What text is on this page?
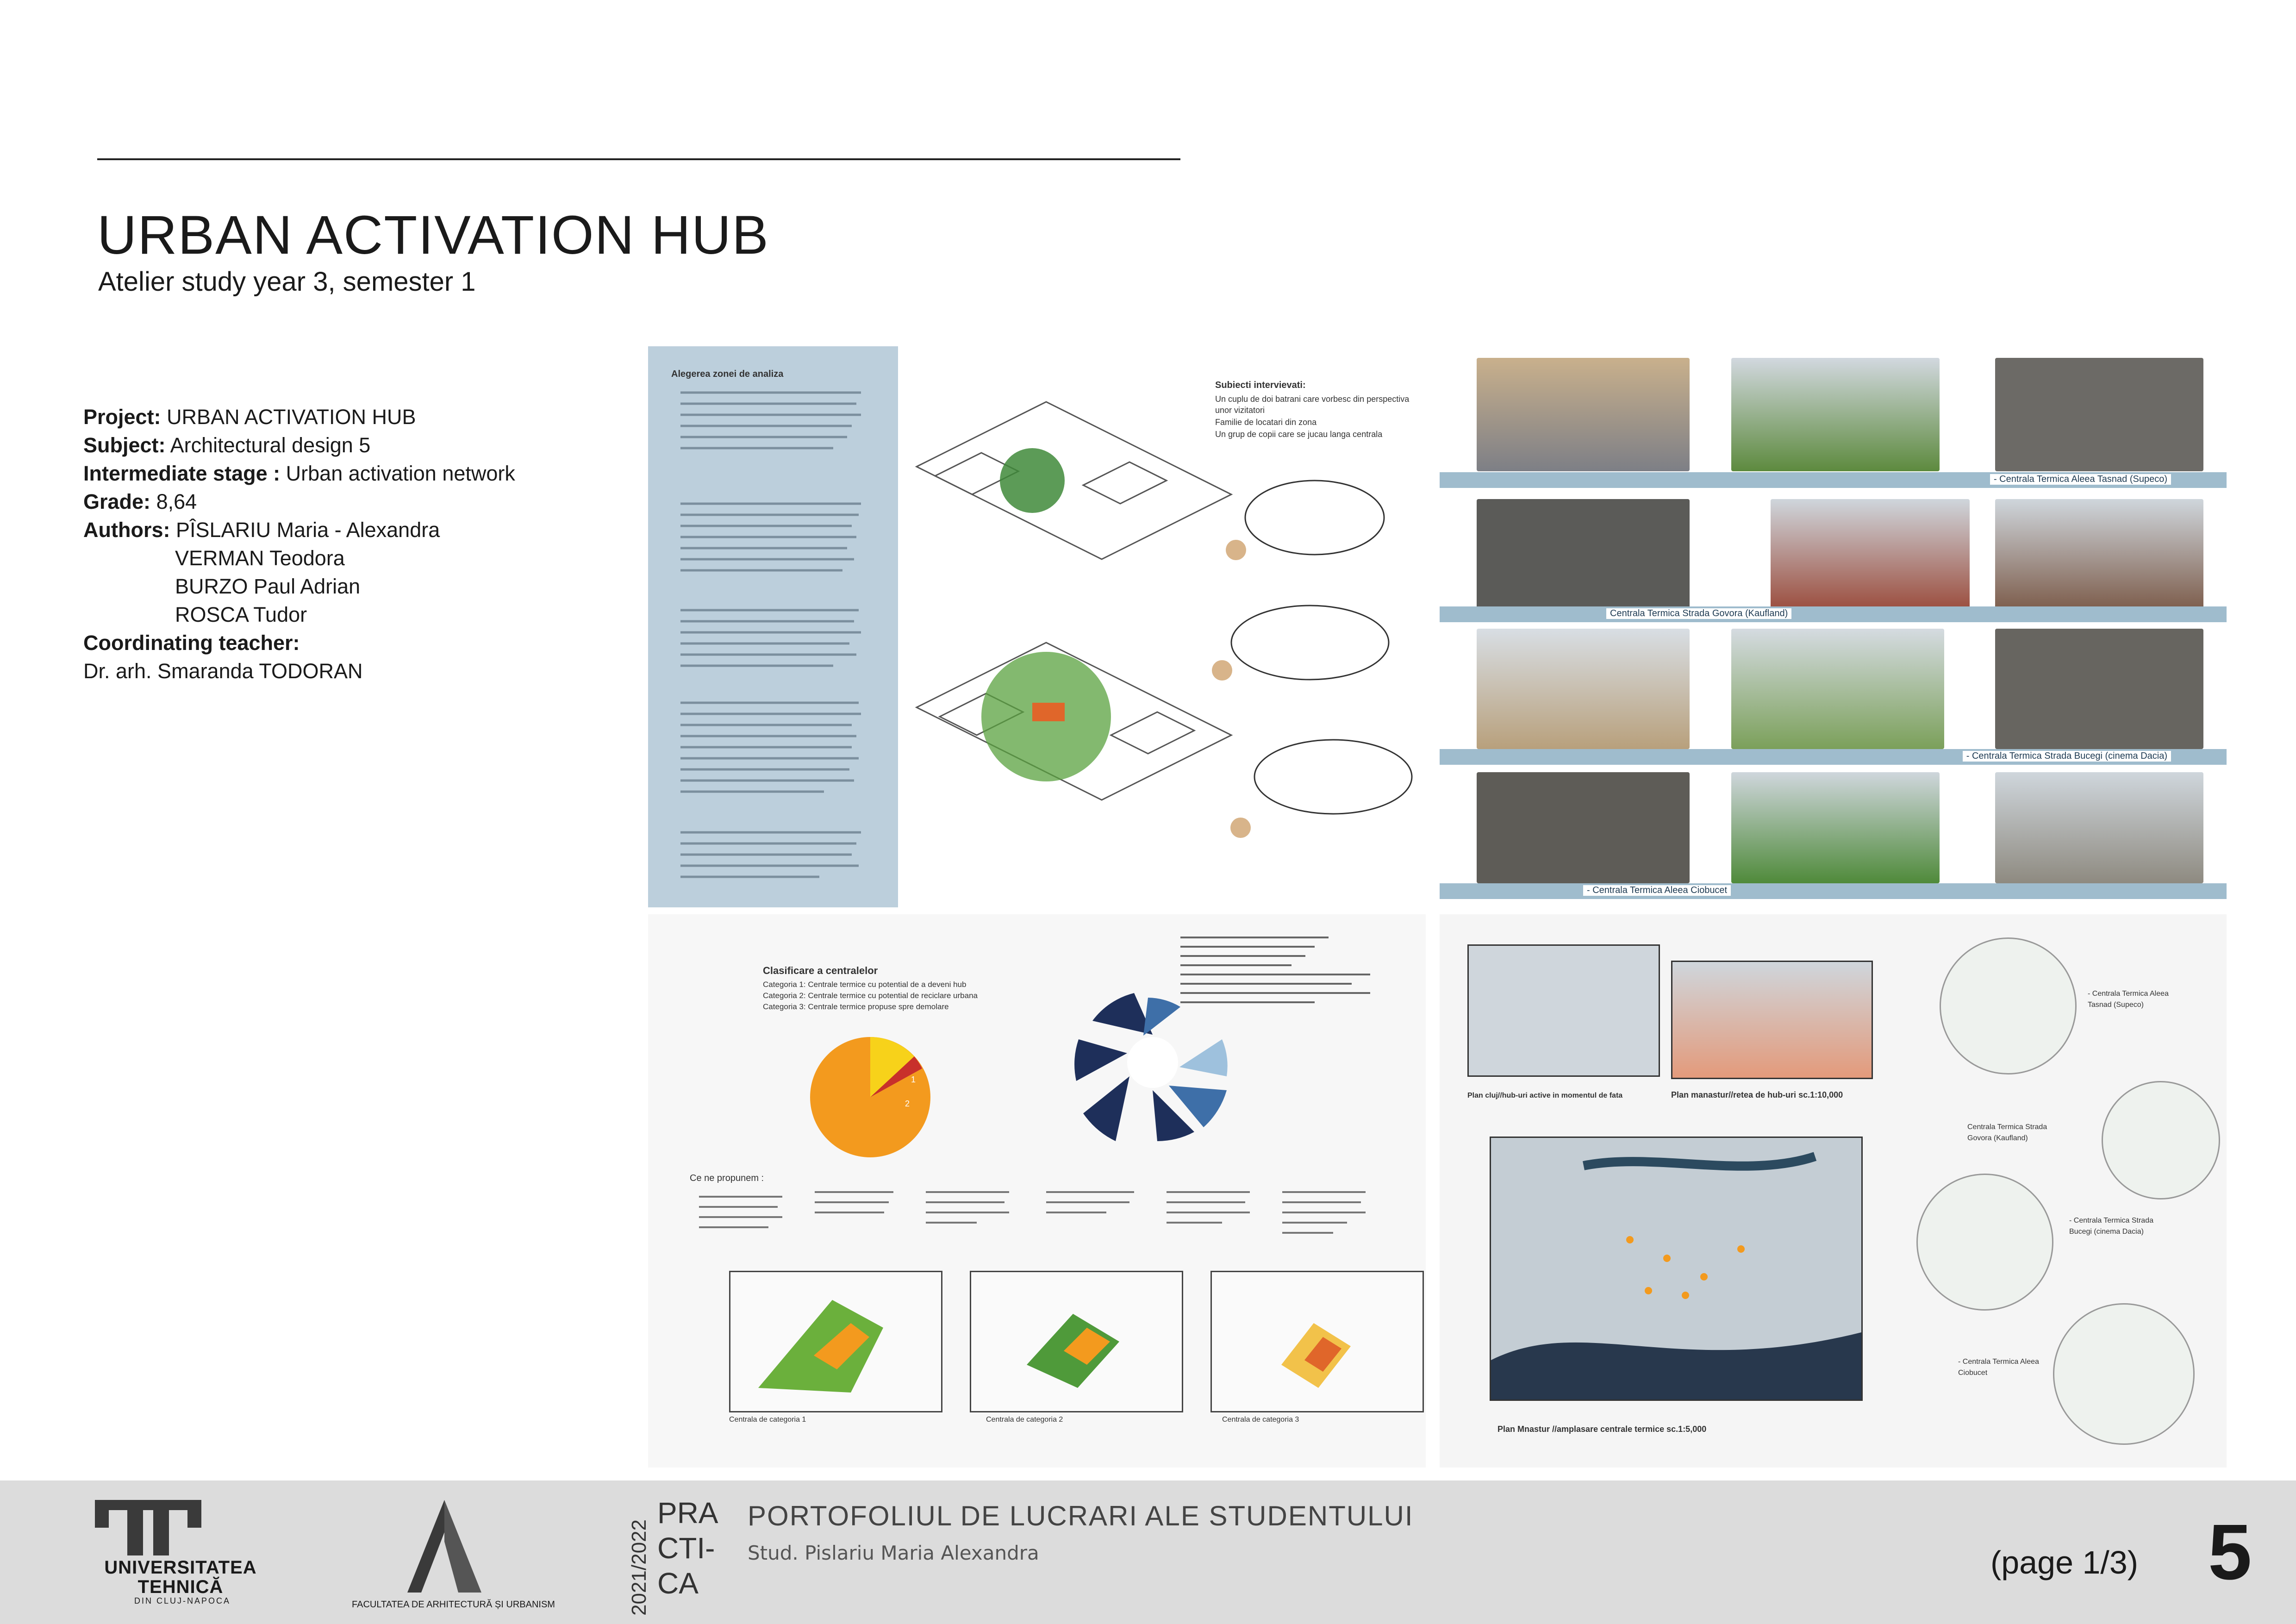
URBAN ACTIVATION HUB
Atelier study year 3, semester 1
Project: URBAN ACTIVATION HUB
Subject: Architectural design 5
Intermediate stage : Urban activation network
Grade: 8,64
Authors: PÎSLARIU Maria - Alexandra
VERMAN Teodora
BURZO Paul Adrian
ROSCA Tudor
Coordinating teacher:
Dr. arh. Smaranda TODORAN
Alegerea zonei de analiza
Subiecti intervievati:
Un cuplu de doi batrani care vorbesc din perspectiva unor vizitatori
Familie de locatari din zona
Un grup de copii care se jucau langa centrala
- Centrala Termica Aleea Tasnad (Supeco)
Centrala Termica Strada Govora (Kaufland)
- Centrala Termica Strada Bucegi (cinema Dacia)
- Centrala Termica Aleea Ciobucet
Clasificare a centralelor
Categoria 1: Centrale termice cu potential de a deveni hub
Categoria 2: Centrale termice cu potential de reciclare urbana
Categoria 3: Centrale termice propuse spre demolare
1
2
Ce ne propunem :
Centrala de categoria 1	Centrala de categoria 2	Centrala de categoria 3
Plan cluj//hub-uri active in momentul de fata	Plan manastur//retea de hub-uri sc.1:10,000
Plan Mnastur //amplasare centrale termice sc.1:5,000
- Centrala Termica Aleea Tasnad (Supeco)
Centrala Termica Strada Govora (Kaufland)
- Centrala Termica Strada Bucegi (cinema Dacia)
- Centrala Termica Aleea Ciobucet
UNIVERSITATEA TEHNICĂ
DIN CLUJ-NAPOCA	FACULTATEA DE ARHITECTURĂ ȘI URBANISM	2021/2022
PRA
CTI-
CA
PORTOFOLIUL DE LUCRARI ALE STUDENTULUI
Stud. Pislariu Maria Alexandra	(page 1/3) 5
